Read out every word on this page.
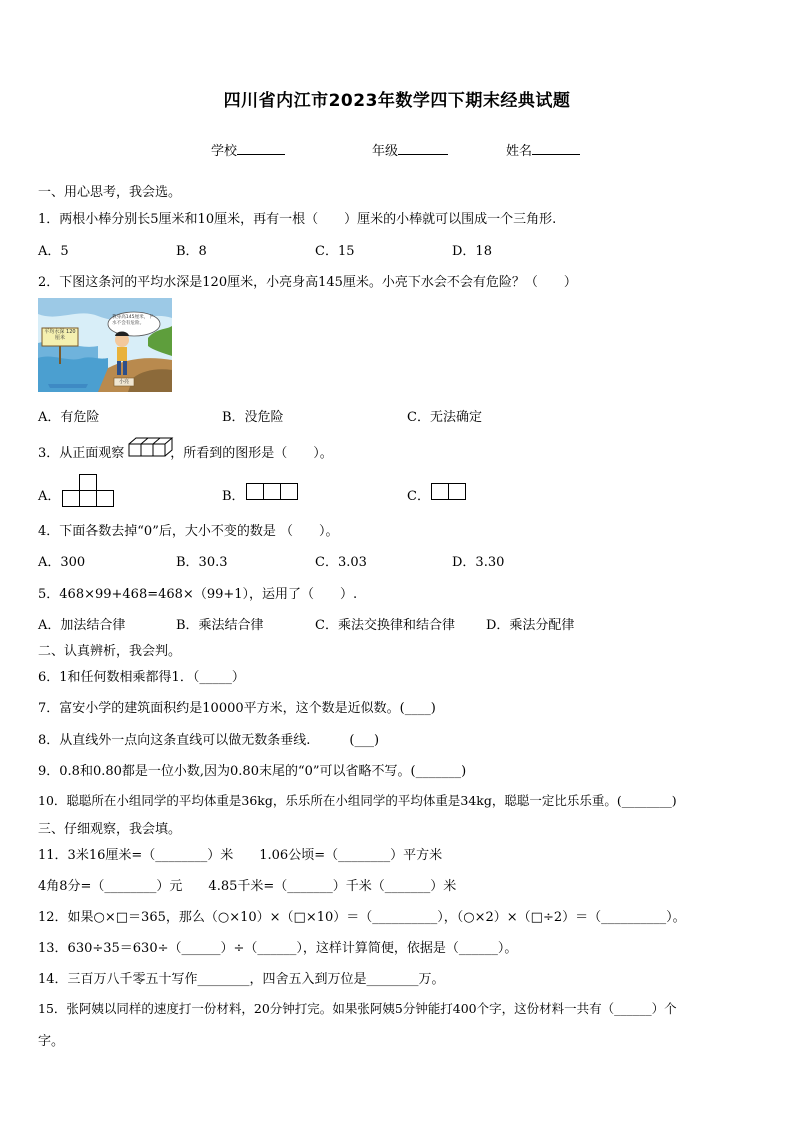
四川省内江市2023年数学四下期末经典试题
学校	年级	姓名
一、用心思考，我会选。
1．两根小棒分别长5厘米和10厘米，再有一根（　　）厘米的小棒就可以围成一个三角形.
A．5	B．8	C．15	D．18
2．下图这条河的平均水深是120厘米，小亮身高145厘米。小亮下水会不会有危险？（　　）
平均水深 120厘米
我身高145厘米，下水不会有危险。
小亮
A．有危险	B．没危险	C．无法确定
3．从正面观察	，所看到的图形是（　　）。
A．	B．	C．
4．下面各数去掉“0”后，大小不变的数是 （　　）。
A．300	B．30.3	C．3.03	D．3.30
5．468×99+468=468×（99+1），运用了（　　）.
A．加法结合律	B．乘法结合律	C．乘法交换律和结合律 D．乘法分配律
二、认真辨析，我会判。
6．1和任何数相乘都得1．（_____）
7．富安小学的建筑面积约是10000平方米，这个数是近似数。(____)
8．从直线外一点向这条直线可以做无数条垂线.　　　(___)
9．0.8和0.80都是一位小数,因为0.80末尾的“0”可以省略不写。(_______)
10．聪聪所在小组同学的平均体重是36kg，乐乐所在小组同学的平均体重是34kg，聪聪一定比乐乐重。(________)
三、仔细观察，我会填。
11．3米16厘米=（________）米　　1.06公顷=（________）平方米
4角8分=（________）元　　4.85千米=（_______）千米（_______）米
12．如果○×□＝365，那么（○×10）×（□×10）＝（__________），（○×2）×（□÷2）＝（__________）。
13．630÷35＝630÷（______）÷（______），这样计算简便，依据是（______）。
14．三百万八千零五十写作________，四舍五入到万位是________万。
15．张阿姨以同样的速度打一份材料，20分钟打完。如果张阿姨5分钟能打400个字，这份材料一共有（______）个
字。
